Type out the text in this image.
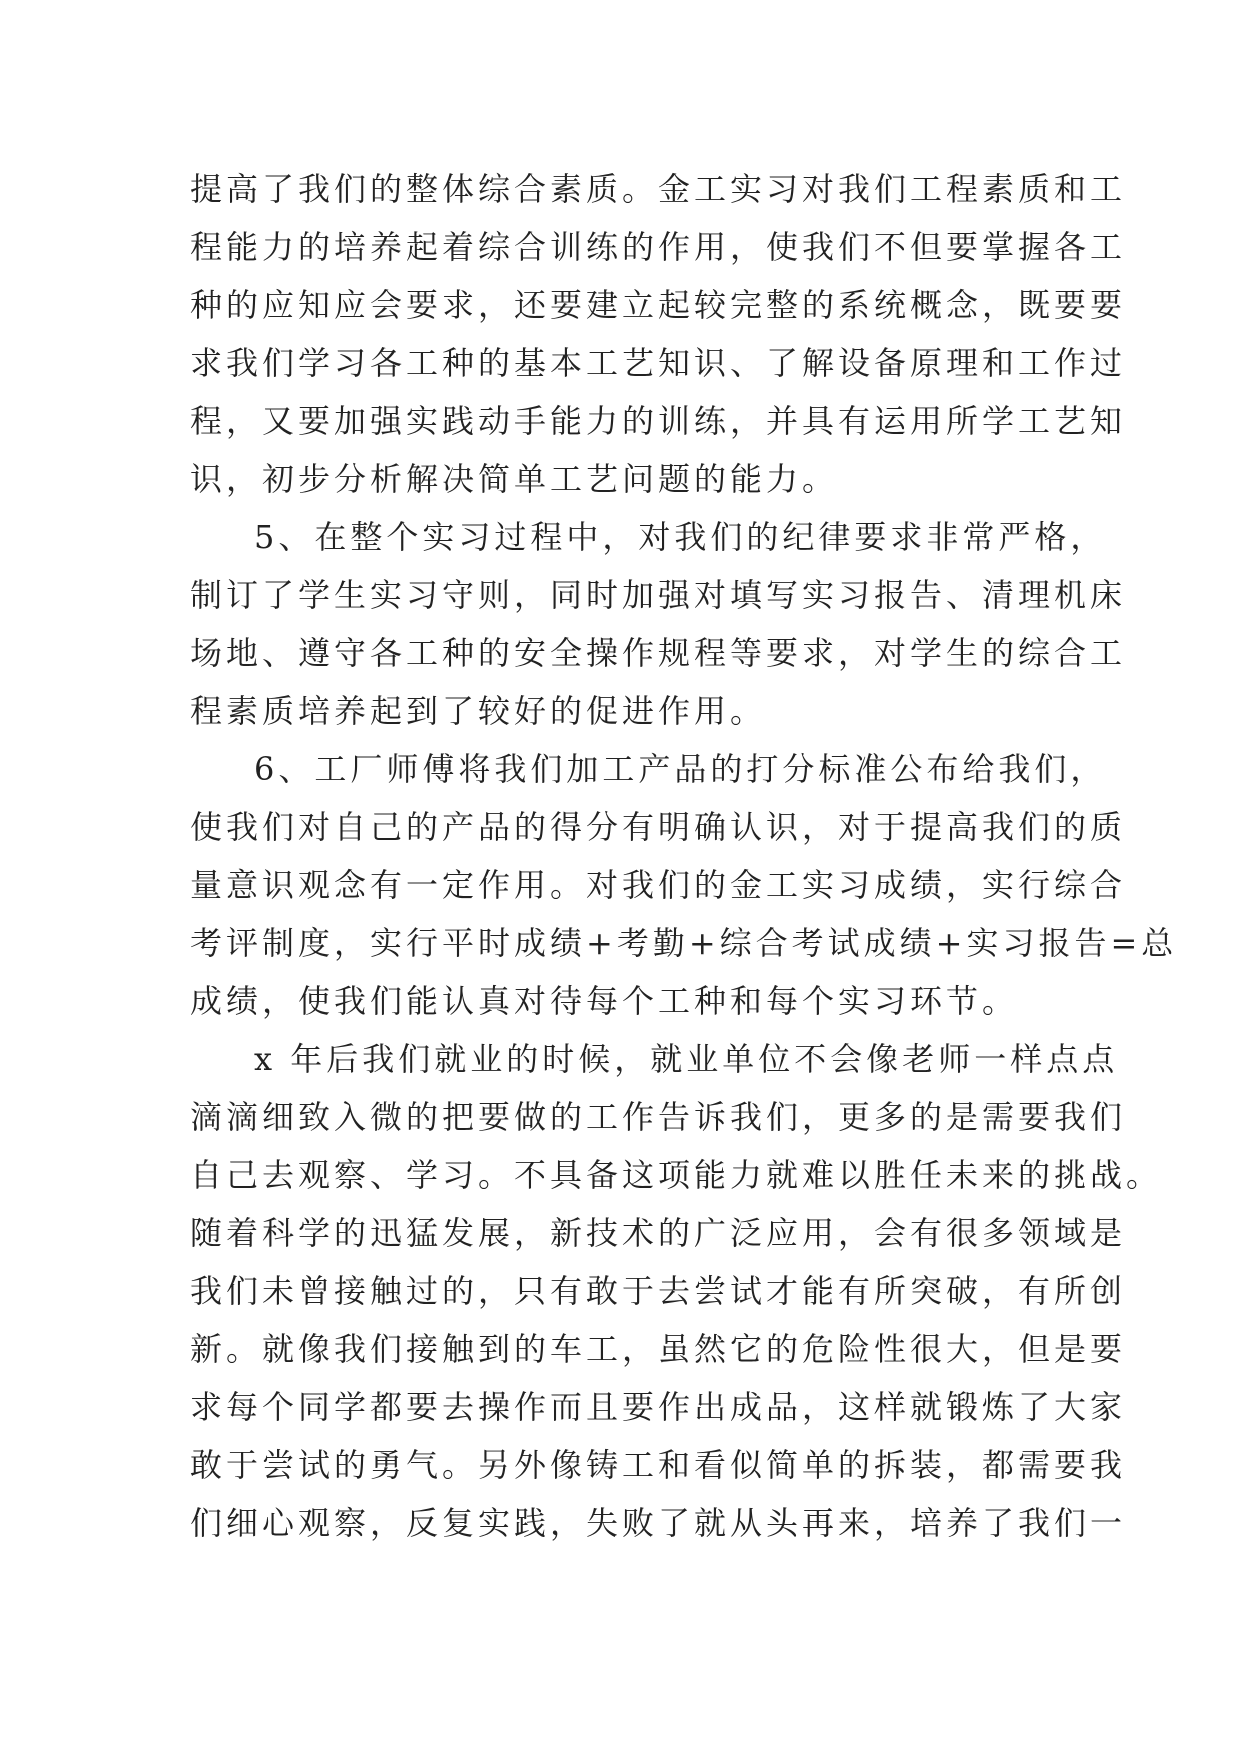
提高了我们的整体综合素质。金工实习对我们工程素质和工
程能力的培养起着综合训练的作用，使我们不但要掌握各工
种的应知应会要求，还要建立起较完整的系统概念，既要要
求我们学习各工种的基本工艺知识、了解设备原理和工作过
程，又要加强实践动手能力的训练，并具有运用所学工艺知
识，初步分析解决简单工艺问题的能力。
5、在整个实习过程中，对我们的纪律要求非常严格，
制订了学生实习守则，同时加强对填写实习报告、清理机床
场地、遵守各工种的安全操作规程等要求，对学生的综合工
程素质培养起到了较好的促进作用。
6、工厂师傅将我们加工产品的打分标准公布给我们，
使我们对自己的产品的得分有明确认识，对于提高我们的质
量意识观念有一定作用。对我们的金工实习成绩，实行综合
考评制度，实行平时成绩+考勤+综合考试成绩+实习报告=总
成绩，使我们能认真对待每个工种和每个实习环节。
x 年后我们就业的时候，就业单位不会像老师一样点点
滴滴细致入微的把要做的工作告诉我们，更多的是需要我们
自己去观察、学习。不具备这项能力就难以胜任未来的挑战。
随着科学的迅猛发展，新技术的广泛应用，会有很多领域是
我们未曾接触过的，只有敢于去尝试才能有所突破，有所创
新。就像我们接触到的车工，虽然它的危险性很大，但是要
求每个同学都要去操作而且要作出成品，这样就锻炼了大家
敢于尝试的勇气。另外像铸工和看似简单的拆装，都需要我
们细心观察，反复实践，失败了就从头再来，培养了我们一
